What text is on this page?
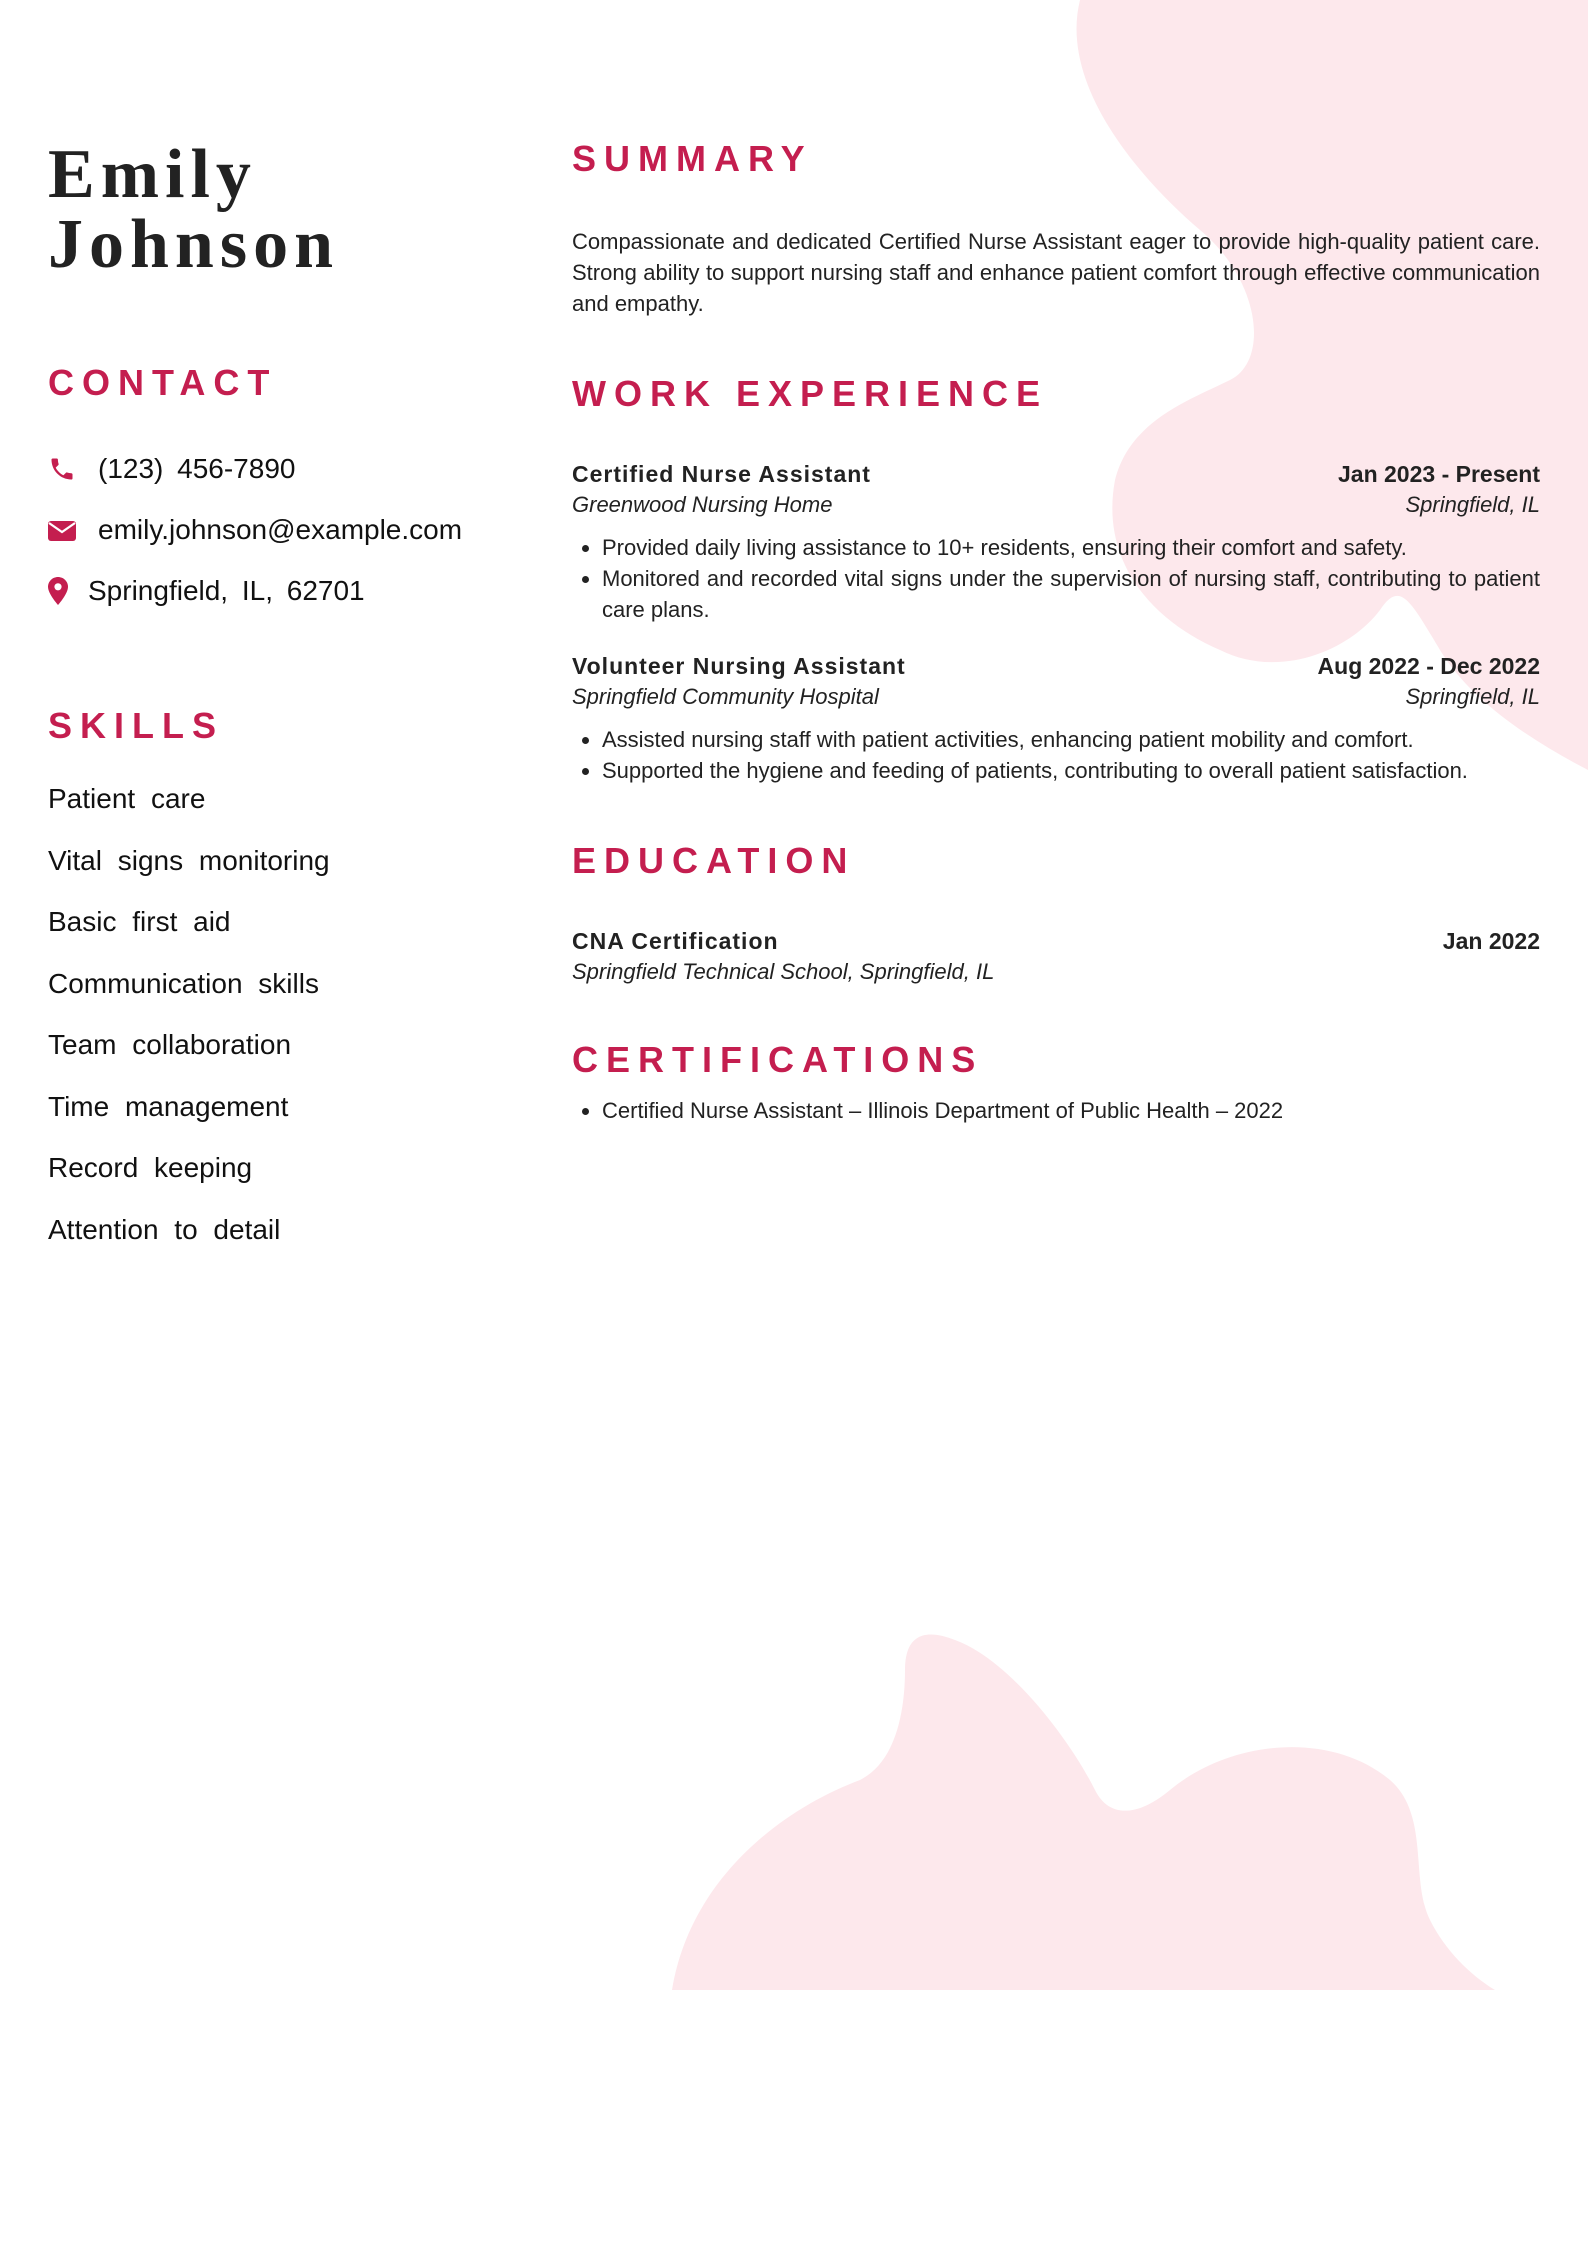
Emily
Johnson
CONTACT
(123) 456-7890
emily.johnson@example.com
Springfield, IL, 62701
SKILLS
Patient care
Vital signs monitoring
Basic first aid
Communication skills
Team collaboration
Time management
Record keeping
Attention to detail
SUMMARY

Compassionate and dedicated Certified Nurse Assistant eager to provide high-quality patient care. Strong ability to support nursing staff and enhance patient comfort through effective communication and empathy.

WORK EXPERIENCE
Certified Nurse Assistant	Jan 2023 - Present
Greenwood Nursing Home	Springfield, IL
• Provided daily living assistance to 10+ residents, ensuring their comfort and safety.
• Monitored and recorded vital signs under the supervision of nursing staff, contributing to patient care plans.
Volunteer Nursing Assistant	Aug 2022 - Dec 2022
Springfield Community Hospital	Springfield, IL
• Assisted nursing staff with patient activities, enhancing patient mobility and comfort.
• Supported the hygiene and feeding of patients, contributing to overall patient satisfaction.
EDUCATION
CNA Certification	Jan 2022
Springfield Technical School, Springfield, IL
CERTIFICATIONS
• Certified Nurse Assistant – Illinois Department of Public Health – 2022
